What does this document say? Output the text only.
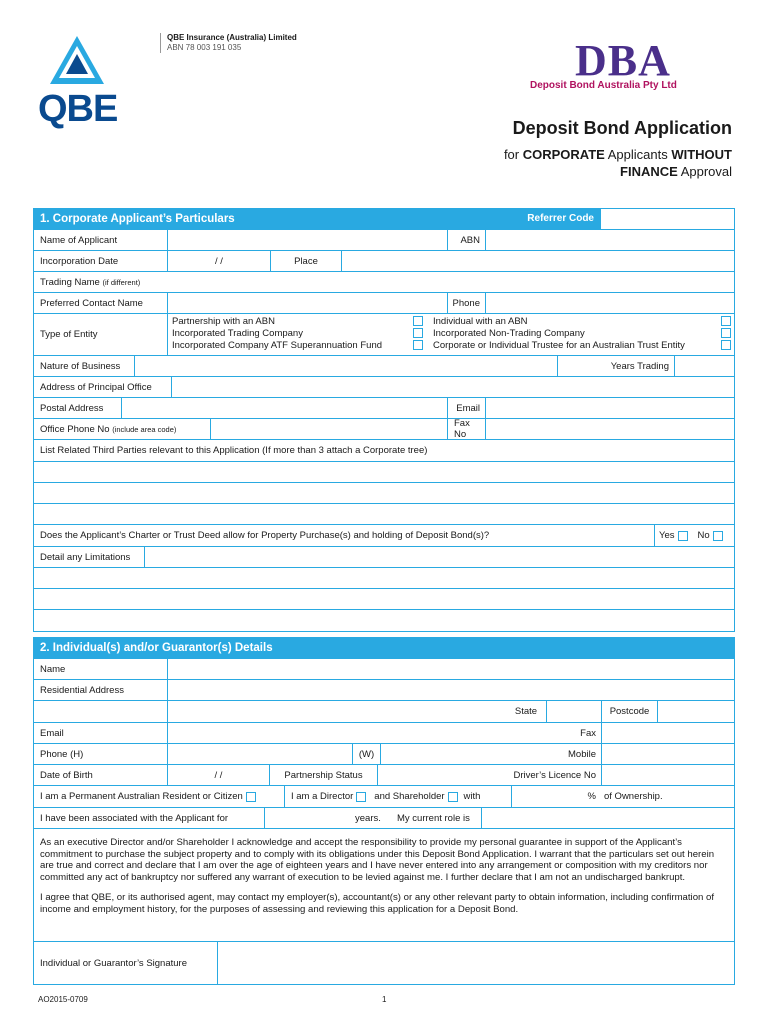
QBE Insurance (Australia) Limited
ABN 78 003 191 035
QBE
DBA
Deposit Bond Australia Pty Ltd
Deposit Bond Application
for CORPORATE Applicants WITHOUT
FINANCE Approval
1. Corporate Applicant’s Particulars	Referrer Code
Name of Applicant	ABN
Incorporation Date	/ /	Place
Trading Name
(if different)
Preferred Contact Name	Phone
Type of Entity
Partnership with an ABN
Incorporated Trading Company
Incorporated Company ATF Superannuation Fund
Individual with an ABN
Incorporated Non-Trading Company
Corporate or Individual Trustee for an Australian Trust Entity
Nature of Business	Years Trading
Address of Principal Office
Postal Address	Email
Office Phone No
(include area code)	Fax No
List Related Third Parties relevant to this Application (If more than 3 attach a Corporate tree)
Does the Applicant’s Charter or Trust Deed allow for Property Purchase(s) and holding of Deposit Bond(s)?	Yes No
Detail any Limitations
2. Individual(s) and/or Guarantor(s) Details
Name
Residential Address
State	Postcode
Email	Fax
Phone (H)	(W)	Mobile
Date of Birth	/ /	Partnership Status	Driver’s Licence No
I am a Permanent Australian Resident or Citizen	I am a Director and Shareholder with	% of Ownership.
I have been associated with the Applicant for	years.	My current role is
As an executive Director and/or Shareholder I acknowledge and accept the responsibility to provide my personal guarantee in support of the Applicant’s commitment to purchase the subject property and to comply with its obligations under this Deposit Bond Application. I warrant that the particulars set out herein are true and correct and declare that I am over the age of eighteen years and I have never entered into any arrangement or composition with my creditors nor committed any act of bankruptcy nor suffered any warrant of execution to be levied against me. I further declare that I am not an undischarged bankrupt.
I agree that QBE, or its authorised agent, may contact my employer(s), accountant(s) or any other relevant party to obtain information, including confirmation of income and employment history, for the purposes of assessing and reviewing this application for a Deposit Bond.
Individual or Guarantor’s Signature
AO2015-0709	1
